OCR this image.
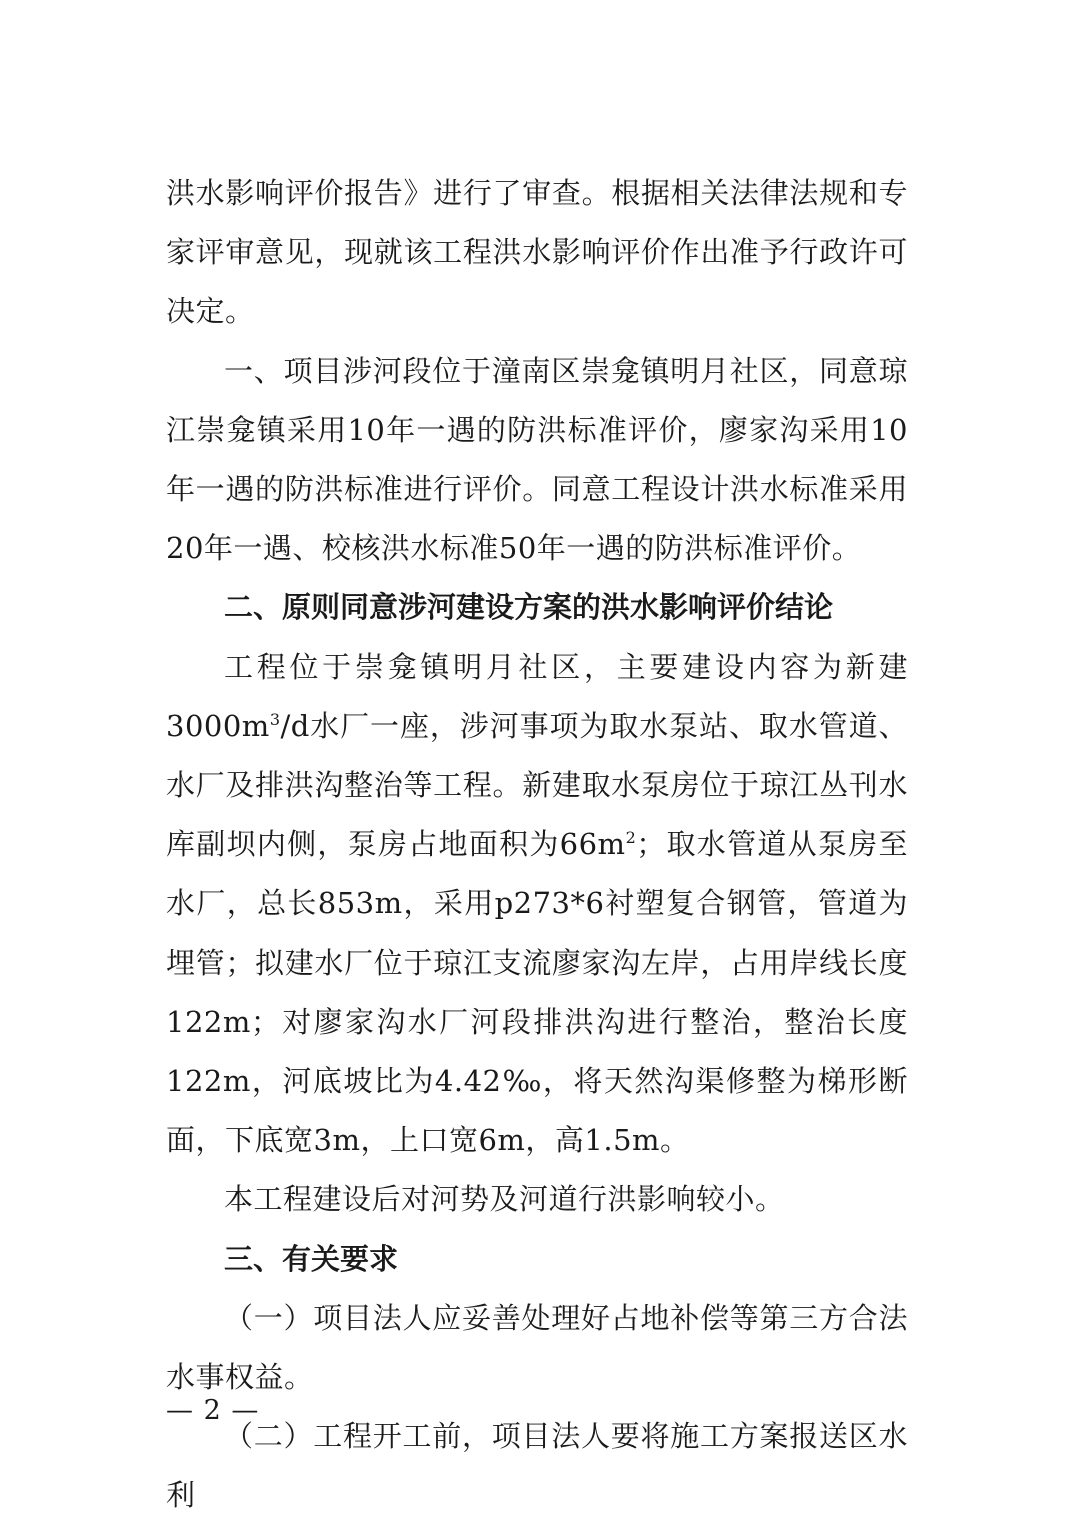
洪水影响评价报告》进行了审查。根据相关法律法规和专家评审意见，现就该工程洪水影响评价作出准予行政许可决定。

一、项目涉河段位于潼南区崇龛镇明月社区，同意琼江崇龛镇采用10年一遇的防洪标准评价，廖家沟采用10年一遇的防洪标准进行评价。同意工程设计洪水标准采用20年一遇、校核洪水标准50年一遇的防洪标准评价。

二、原则同意涉河建设方案的洪水影响评价结论

工程位于崇龛镇明月社区，主要建设内容为新建$3000m^3/d$水厂一座，涉河事项为取水泵站、取水管道、水厂及排洪沟整治等工程。新建取水泵房位于琼江丛刊水库副坝内侧，泵房占地面积为$66m^2$；取水管道从泵房至水厂，总长853m，采用p273*6衬塑复合钢管，管道为埋管；拟建水厂位于琼江支流廖家沟左岸，占用岸线长度122m；对廖家沟水厂河段排洪沟进行整治，整治长度122m，河底坡比为4.42‰，将天然沟渠修整为梯形断面，下底宽3m，上口宽6m，高1.5m。

本工程建设后对河势及河道行洪影响较小。

三、有关要求

（一）项目法人应妥善处理好占地补偿等第三方合法水事权益。

（二）工程开工前，项目法人要将施工方案报送区水利

— 2 —
